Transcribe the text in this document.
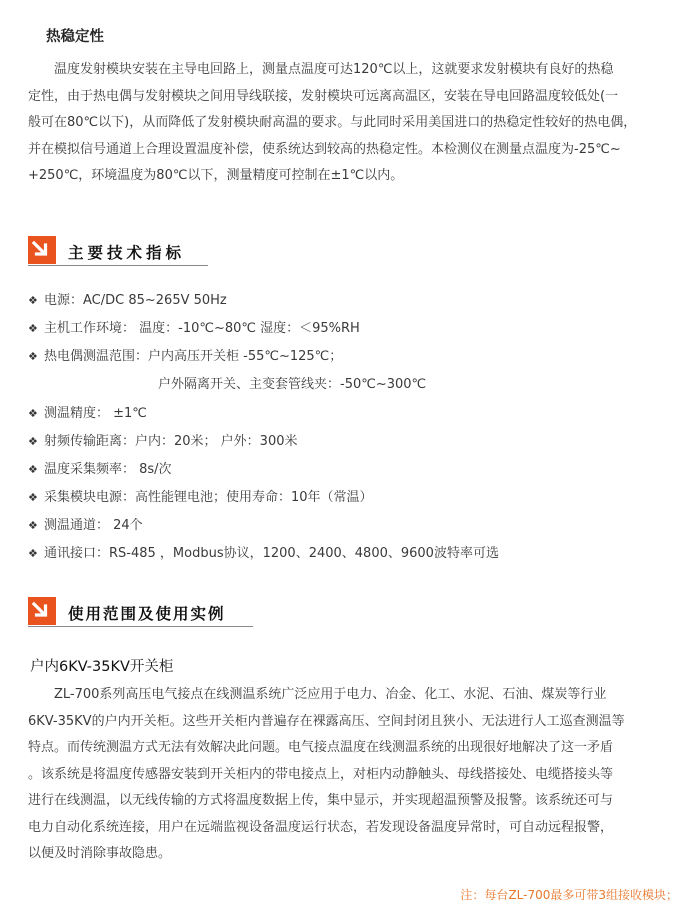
热稳定性
　　温度发射模块安装在主导电回路上，测量点温度可达120℃以上，这就要求发射模块有良好的热稳
定性，由于热电偶与发射模块之间用导线联接，发射模块可远离高温区，安装在导电回路温度较低处(一
般可在80℃以下)，从而降低了发射模块耐高温的要求。与此同时采用美国进口的热稳定性较好的热电偶，
并在模拟信号通道上合理设置温度补偿，使系统达到较高的热稳定性。本检测仪在测量点温度为-25℃~
+250℃，环境温度为80℃以下，测量精度可控制在±1℃以内。
主要技术指标
❖ 电源：AC/DC 85~265V 50Hz
❖ 主机工作环境： 温度：-10℃~80℃ 湿度：＜95%RH
❖ 热电偶测温范围：户内高压开关柜 -55℃~125℃；
户外隔离开关、主变套管线夹：-50℃~300℃
❖ 测温精度： ±1℃
❖ 射频传输距离：户内：20米； 户外：300米
❖ 温度采集频率： 8s/次
❖ 采集模块电源：高性能锂电池；使用寿命：10年（常温）
❖ 测温通道： 24个
❖ 通讯接口：RS-485 ，Modbus协议，1200、2400、4800、9600波特率可选
使用范围及使用实例
户内6KV-35KV开关柜
　　ZL-700系列高压电气接点在线测温系统广泛应用于电力、冶金、化工、水泥、石油、煤炭等行业
6KV-35KV的户内开关柜。这些开关柜内普遍存在裸露高压、空间封闭且狭小、无法进行人工巡查测温等
特点。而传统测温方式无法有效解决此问题。电气接点温度在线测温系统的出现很好地解决了这一矛盾
。该系统是将温度传感器安装到开关柜内的带电接点上，对柜内动静触头、母线搭接处、电缆搭接头等
进行在线测温，以无线传输的方式将温度数据上传，集中显示，并实现超温预警及报警。该系统还可与
电力自动化系统连接，用户在远端监视设备温度运行状态，若发现设备温度异常时，可自动远程报警，
以便及时消除事故隐患。
注：每台ZL-700最多可带3组接收模块；
